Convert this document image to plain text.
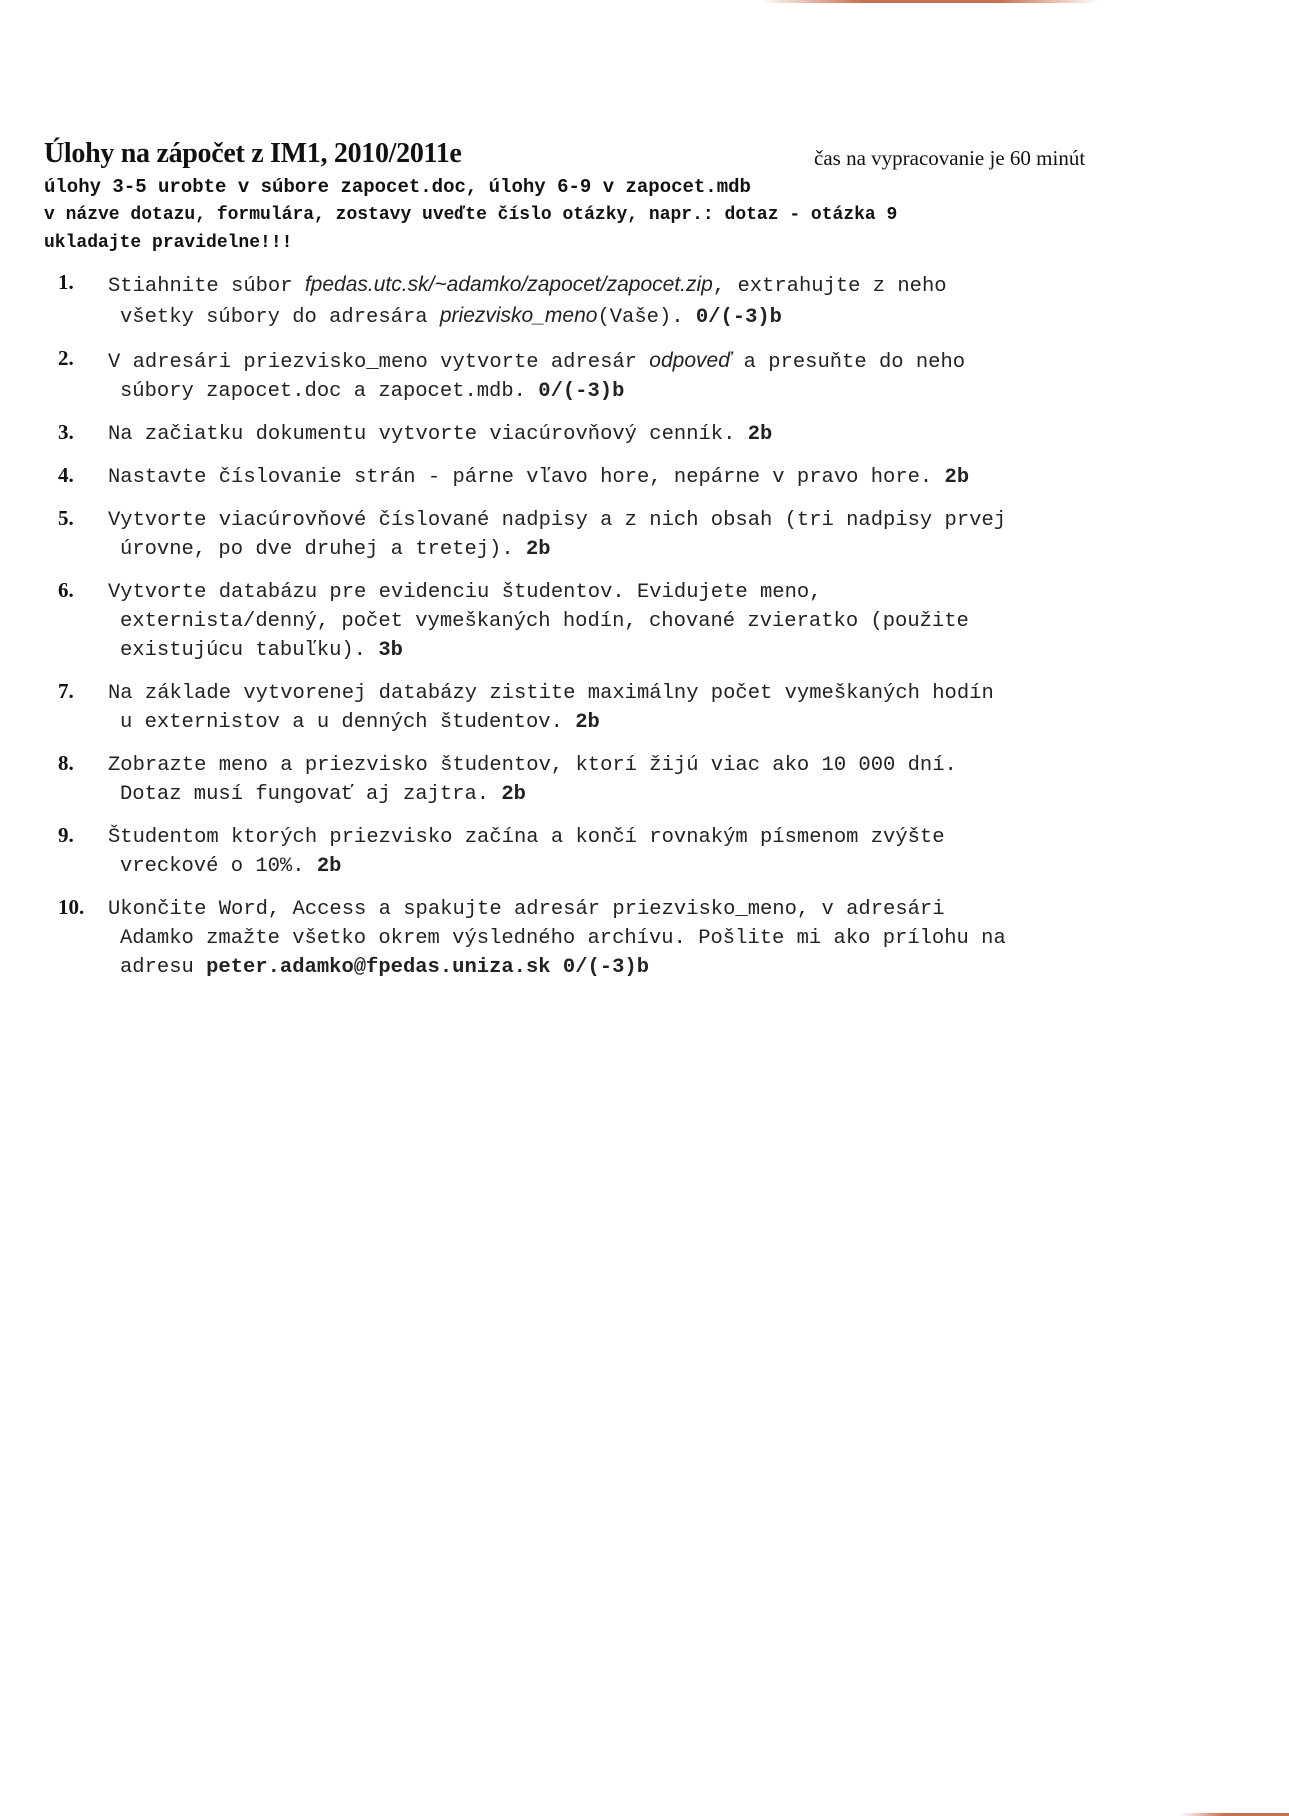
Úlohy na zápočet z IM1, 2010/2011e	čas na vypracovanie je 60 minút
úlohy 3-5 urobte v súbore zapocet.doc, úlohy 6-9 v zapocet.mdb
v názve dotazu, formulára, zostavy uveďte číslo otázky, napr.: dotaz - otázka 9
ukladajte pravidelne!!!
1. Stiahnite súbor fpedas.utc.sk/~adamko/zapocet/zapocet.zip, extrahujte z neho
všetky súbory do adresára priezvisko_meno(Vaše). 0/(-3)b
2. V adresári priezvisko_meno vytvorte adresár odpoveď a presuňte do neho
súbory zapocet.doc a zapocet.mdb. 0/(-3)b
3. Na začiatku dokumentu vytvorte viacúrovňový cenník. 2b
4. Nastavte číslovanie strán - párne vľavo hore, nepárne v pravo hore. 2b
5. Vytvorte viacúrovňové číslované nadpisy a z nich obsah (tri nadpisy prvej
úrovne, po dve druhej a tretej). 2b
6. Vytvorte databázu pre evidenciu študentov. Evidujete meno,
externista/denný, počet vymeškaných hodín, chované zvieratko (použite
existujúcu tabuľku). 3b
7. Na základe vytvorenej databázy zistite maximálny počet vymeškaných hodín
u externistov a u denných študentov. 2b
8. Zobrazte meno a priezvisko študentov, ktorí žijú viac ako 10 000 dní.
Dotaz musí fungovať aj zajtra. 2b
9. Študentom ktorých priezvisko začína a končí rovnakým písmenom zvýšte
vreckové o 10%. 2b
10. Ukončite Word, Access a spakujte adresár priezvisko_meno, v adresári
Adamko zmažte všetko okrem výsledného archívu. Pošlite mi ako prílohu na
adresu peter.adamko@fpedas.uniza.sk 0/(-3)b
